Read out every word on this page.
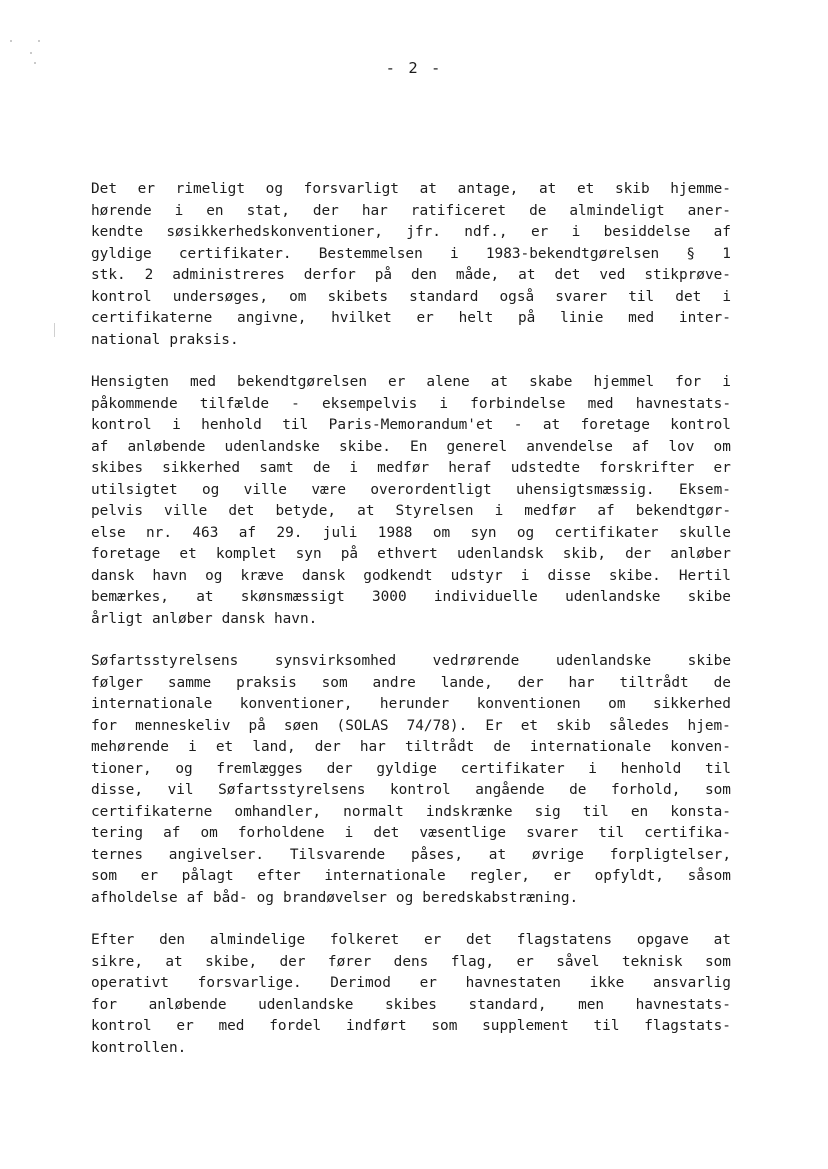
- 2 -
Det er rimeligt og forsvarligt at antage, at et skib hjemme-
hørende i en stat, der har ratificeret de almindeligt aner-
kendte søsikkerhedskonventioner, jfr. ndf., er i besiddelse af
gyldige certifikater. Bestemmelsen i 1983-bekendtgørelsen § 1
stk. 2 administreres derfor på den måde, at det ved stikprøve-
kontrol undersøges, om skibets standard også svarer til det i
certifikaterne angivne, hvilket er helt på linie med inter-
national praksis.
Hensigten med bekendtgørelsen er alene at skabe hjemmel for i
påkommende tilfælde - eksempelvis i forbindelse med havnestats-
kontrol i henhold til Paris-Memorandum'et - at foretage kontrol
af anløbende udenlandske skibe. En generel anvendelse af lov om
skibes sikkerhed samt de i medfør heraf udstedte forskrifter er
utilsigtet og ville være overordentligt uhensigtsmæssig. Eksem-
pelvis ville det betyde, at Styrelsen i medfør af bekendtgør-
else nr. 463 af 29. juli 1988 om syn og certifikater skulle
foretage et komplet syn på ethvert udenlandsk skib, der anløber
dansk havn og kræve dansk godkendt udstyr i disse skibe. Hertil
bemærkes, at skønsmæssigt 3000 individuelle udenlandske skibe
årligt anløber dansk havn.
Søfartsstyrelsens	synsvirksomhed	vedrørende	udenlandske	skibe
følger samme praksis som andre lande, der har tiltrådt de
internationale konventioner, herunder konventionen om sikkerhed
for menneskeliv på søen (SOLAS 74/78). Er et skib således hjem-
mehørende i et land, der har tiltrådt de internationale konven-
tioner, og fremlægges der gyldige certifikater i henhold til
disse, vil Søfartsstyrelsens kontrol angående de forhold, som
certifikaterne omhandler, normalt indskrænke sig til en konsta-
tering af om forholdene i det væsentlige svarer til certifika-
ternes angivelser. Tilsvarende påses, at øvrige forpligtelser,
som er pålagt efter internationale regler, er opfyldt, såsom
afholdelse af båd- og brandøvelser og beredskabstræning.
Efter den almindelige folkeret er det flagstatens opgave at
sikre, at skibe, der fører dens flag, er såvel teknisk som
operativt forsvarlige. Derimod er havnestaten ikke ansvarlig
for anløbende udenlandske skibes standard, men havnestats-
kontrol er med fordel indført som supplement til flagstats-
kontrollen.
